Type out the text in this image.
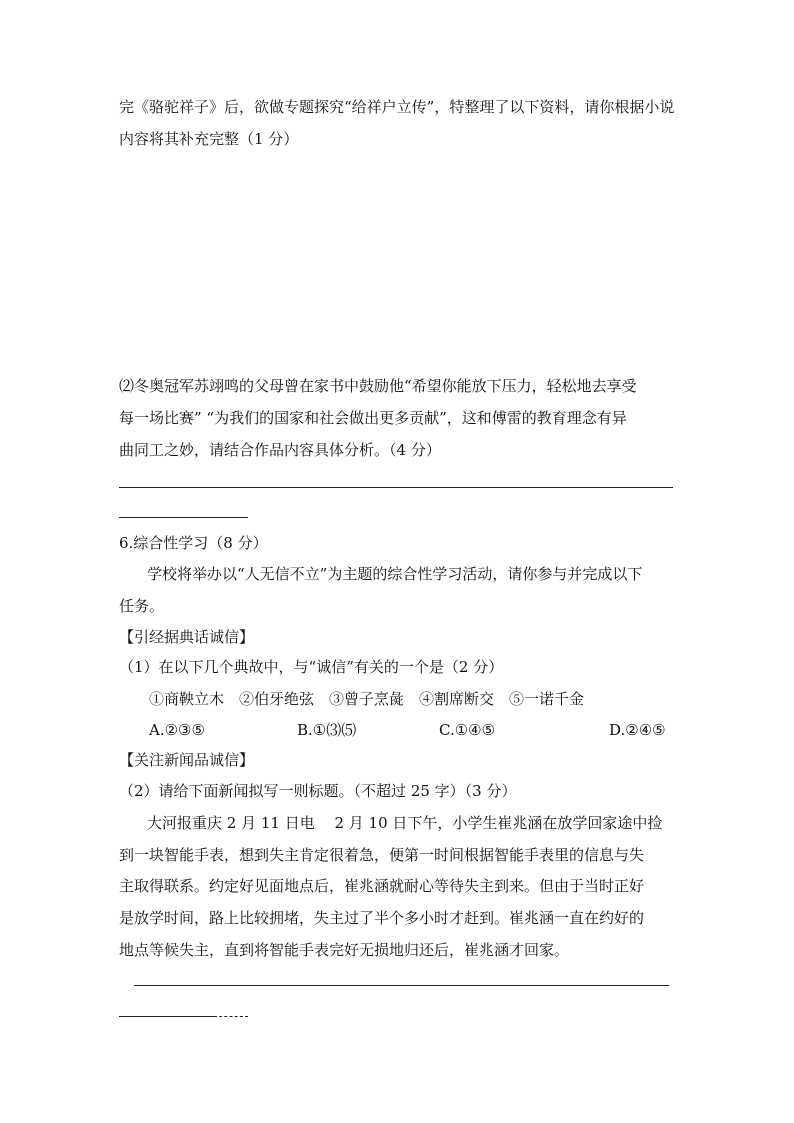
完《骆驼祥子》后，欲做专题探究“给祥户立传”，特整理了以下资料，请你根据小说
内容将其补充完整（1 分）
⑵冬奥冠军苏翊鸣的父母曾在家书中鼓励他“希望你能放下压力，轻松地去享受
每一场比赛” “为我们的国家和社会做出更多贡献”，这和傅雷的教育理念有异
曲同工之妙，请结合作品内容具体分析。（4 分）
6.综合性学习（8 分）
学校将举办以“人无信不立”为主题的综合性学习活动，请你参与并完成以下
任务。
【引经据典话诚信】
（1）在以下几个典故中，与“诚信”有关的一个是（2 分）
①商鞅立木　②伯牙绝弦　③曾子烹彘　④割席断交　⑤一诺千金
A.②③⑤	B.①⑶⑸	C.①④⑤	D.②④⑤
【关注新闻品诚信】
（2）请给下面新闻拟写一则标题。（不超过 25 字）（3 分）
大河报重庆 2 月 11 日电　 2 月 10 日下午，小学生崔兆涵在放学回家途中捡
到一块智能手表，想到失主肯定很着急，便第一时间根据智能手表里的信息与失
主取得联系。约定好见面地点后，崔兆涵就耐心等待失主到来。但由于当时正好
是放学时间，路上比较拥堵，失主过了半个多小时才赶到。崔兆涵一直在约好的
地点等候失主，直到将智能手表完好无损地归还后，崔兆涵才回家。
